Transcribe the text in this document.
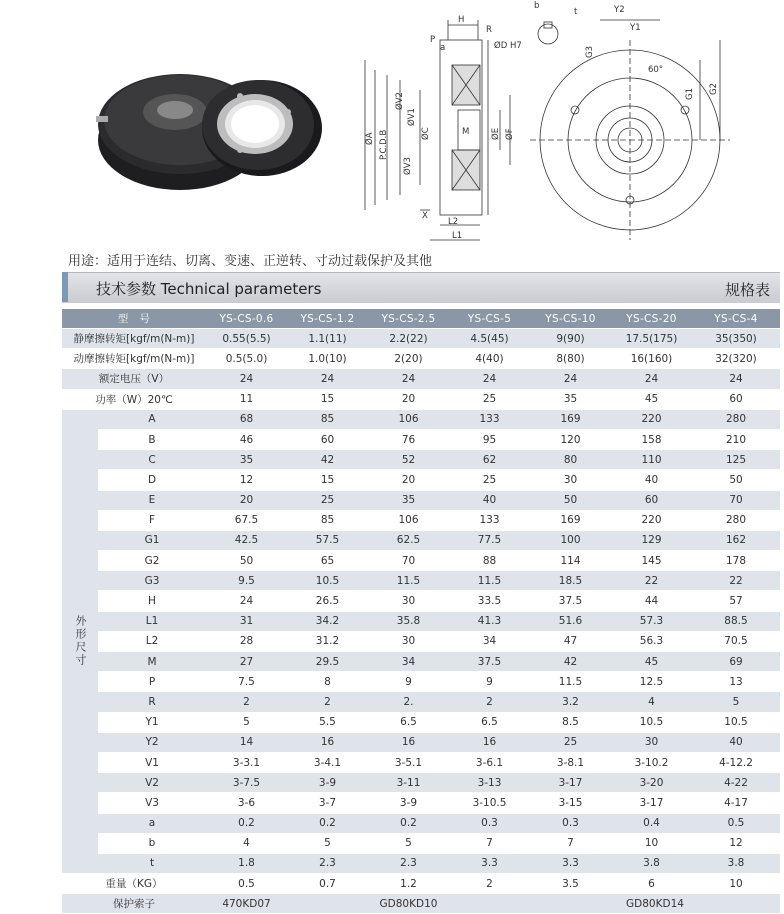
H
R
a
P
ØD H7
ØV2
ØV1
ØV3
ØA P.C.D.B	ØC	M	ØE ØF
X
L2
L1
b
t	Y2
Y1
G3
G1 G2
60°
用途：适用于连结、切离、变速、正逆转、寸动过载保护及其他
技术参数 Technical parameters	规格表
型　号		YS-CS-0.6	YS-CS-1.2	YS-CS-2.5	YS-CS-5	YS-CS-10	YS-CS-20	YS-CS-4
静摩擦转矩[kgf/m(N-m)]		0.55(5.5)	1.1(11)	2.2(22)	4.5(45)	9(90)	17.5(175)	35(350)
动摩擦转矩[kgf/m(N-m)]		0.5(5.0)	1.0(10)	2(20)	4(40)	8(80)	16(160)	32(320)
额定电压（V）		24	24	24	24	24	24	24
功率（W）20℃		11	15	20	25	35	45	60
外形尺寸	A	68	85	106	133	169	220	280
	B	46	60	76	95	120	158	210
	C	35	42	52	62	80	110	125
	D	12	15	20	25	30	40	50
	E	20	25	35	40	50	60	70
	F	67.5	85	106	133	169	220	280
	G1	42.5	57.5	62.5	77.5	100	129	162
	G2	50	65	70	88	114	145	178
	G3	9.5	10.5	11.5	11.5	18.5	22	22
	H	24	26.5	30	33.5	37.5	44	57
	L1	31	34.2	35.8	41.3	51.6	57.3	88.5
	L2	28	31.2	30	34	47	56.3	70.5
	M	27	29.5	34	37.5	42	45	69
	P	7.5	8	9	9	11.5	12.5	13
	R	2	2	2.	2	3.2	4	5
	Y1	5	5.5	6.5	6.5	8.5	10.5	10.5
	Y2	14	16	16	16	25	30	40
	V1	3-3.1	3-4.1	3-5.1	3-6.1	3-8.1	3-10.2	4-12.2
	V2	3-7.5	3-9	3-11	3-13	3-17	3-20	4-22
	V3	3-6	3-7	3-9	3-10.5	3-15	3-17	4-17
	a	0.2	0.2	0.2	0.3	0.3	0.4	0.5
	b	4	5	5	7	7	10	12
	t	1.8	2.3	2.3	3.3	3.3	3.8	3.8
重量（KG）		0.5	0.7	1.2	2	3.5	6	10
保护索子		470KD07	GD80KD10			GD80KD14		
